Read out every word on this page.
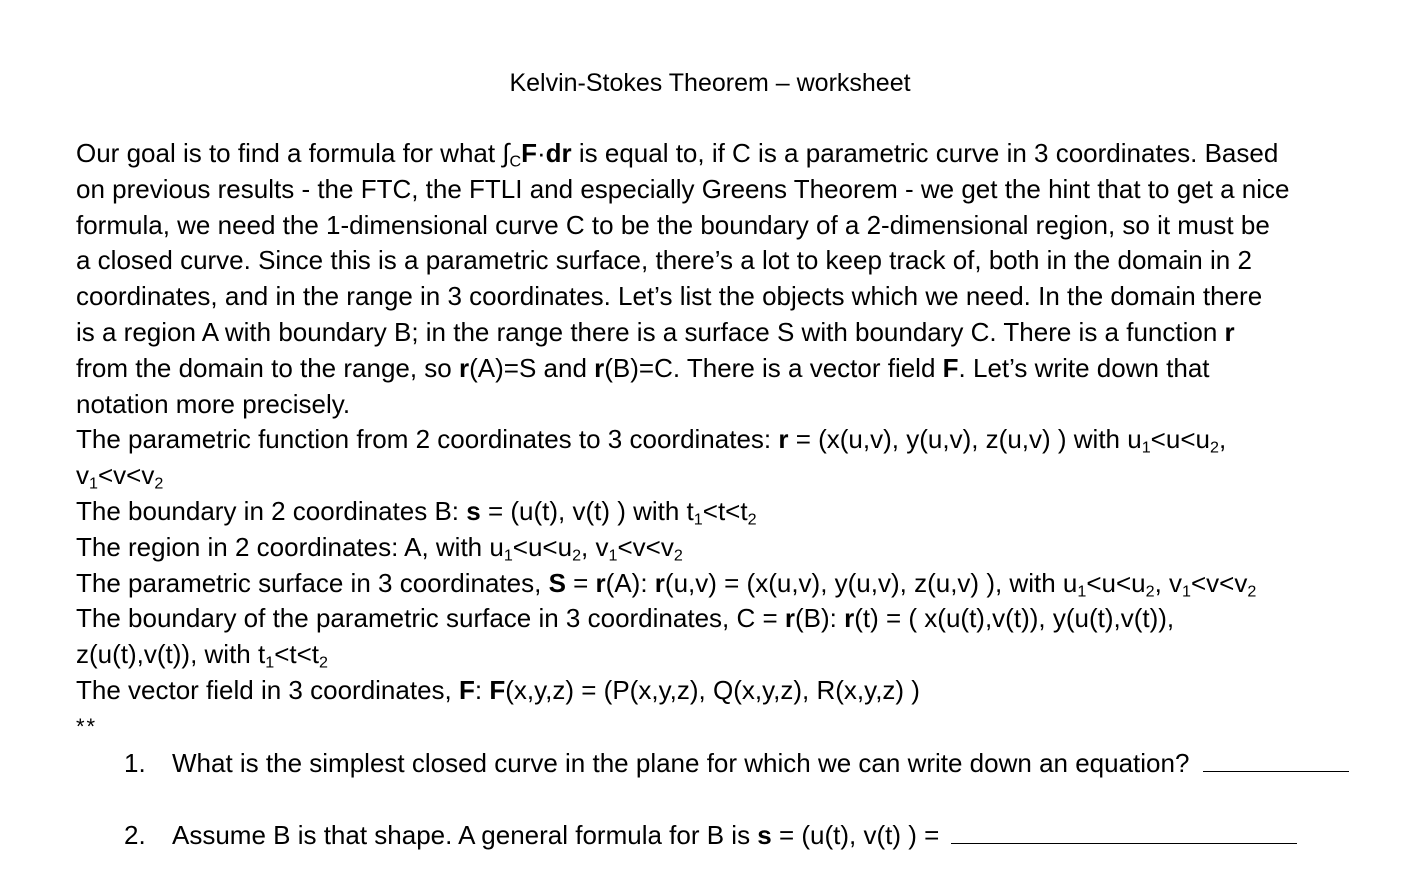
Kelvin-Stokes Theorem – worksheet
Our goal is to find a formula for what $\int_CF\cdot dr$ is equal to, if C is a parametric curve in 3 coordinates. Based
on previous results - the FTC, the FTLI and especially Greens Theorem - we get the hint that to get a nice
formula, we need the 1-dimensional curve C to be the boundary of a 2-dimensional region, so it must be
a closed curve. Since this is a parametric surface, there’s a lot to keep track of, both in the domain in 2
coordinates, and in the range in 3 coordinates. Let’s list the objects which we need. In the domain there
is a region A with boundary B; in the range there is a surface S with boundary C. There is a function r
from the domain to the range, so r(A)=S and r(B)=C. There is a vector field F. Let’s write down that
notation more precisely.
The parametric function from 2 coordinates to 3 coordinates: r = (x(u,v), y(u,v), z(u,v) ) with $u_1<u<u_2$,
$v_1<v<v_2$
The boundary in 2 coordinates B: s = (u(t), v(t) ) with $t_1<t<t_2$
The region in 2 coordinates: A, with $u_1<u<u_2$, $v_1<v<v_2$
The parametric surface in 3 coordinates, S = r(A): r(u,v) = (x(u,v), y(u,v), z(u,v) ), with $u_1<u<u_2$, $v_1<v<v_2$
The boundary of the parametric surface in 3 coordinates, C = r(B): r(t) = ( x(u(t),v(t)), y(u(t),v(t)),
z(u(t),v(t)), with $t_1<t<t_2$
The vector field in 3 coordinates, F: F(x,y,z) = (P(x,y,z), Q(x,y,z), R(x,y,z) )
**
1. What is the simplest closed curve in the plane for which we can write down an equation?
2. Assume B is that shape. A general formula for B is s = (u(t), v(t) ) =
